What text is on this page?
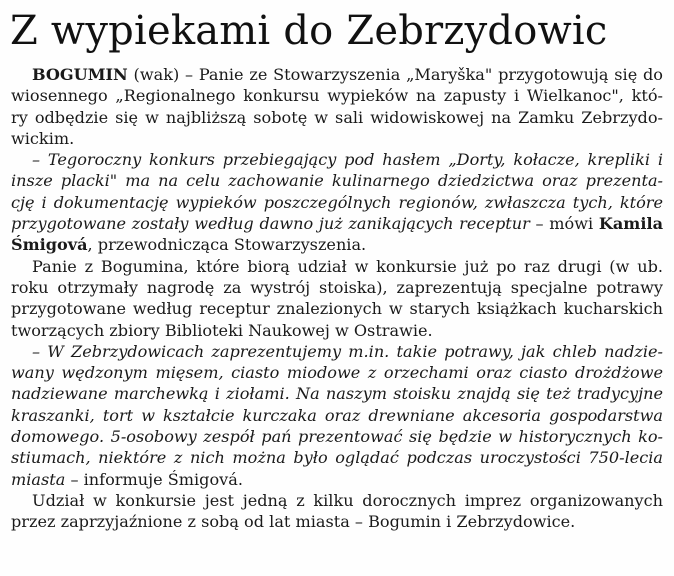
Z wypiekami do Zebrzydowic
BOGUMIN (wak) – Panie ze Stowarzyszenia „Maryška" przygotowują się do
wiosennego „Regionalnego konkursu wypieków na zapusty i Wielkanoc", któ-
ry odbędzie się w najbliższą sobotę w sali widowiskowej na Zamku Zebrzydo-
wickim.
– Tegoroczny konkurs przebiegający pod hasłem „Dorty, kołacze, krepliki i
insze placki" ma na celu zachowanie kulinarnego dziedzictwa oraz prezenta-
cję i dokumentację wypieków poszczególnych regionów, zwłaszcza tych, które
przygotowane zostały według dawno już zanikających receptur – mówi Kamila
Śmigová, przewodnicząca Stowarzyszenia.
Panie z Bogumina, które biorą udział w konkursie już po raz drugi (w ub.
roku otrzymały nagrodę za wystrój stoiska), zaprezentują specjalne potrawy
przygotowane według receptur znalezionych w starych książkach kucharskich
tworzących zbiory Biblioteki Naukowej w Ostrawie.
– W Zebrzydowicach zaprezentujemy m.in. takie potrawy, jak chleb nadzie-
wany wędzonym mięsem, ciasto miodowe z orzechami oraz ciasto drożdżowe
nadziewane marchewką i ziołami. Na naszym stoisku znajdą się też tradycyjne
kraszanki, tort w kształcie kurczaka oraz drewniane akcesoria gospodarstwa
domowego. 5-osobowy zespół pań prezentować się będzie w historycznych ko-
stiumach, niektóre z nich można było oglądać podczas uroczystości 750-lecia
miasta – informuje Śmigová.
Udział w konkursie jest jedną z kilku dorocznych imprez organizowanych
przez zaprzyjaźnione z sobą od lat miasta – Bogumin i Zebrzydowice.
